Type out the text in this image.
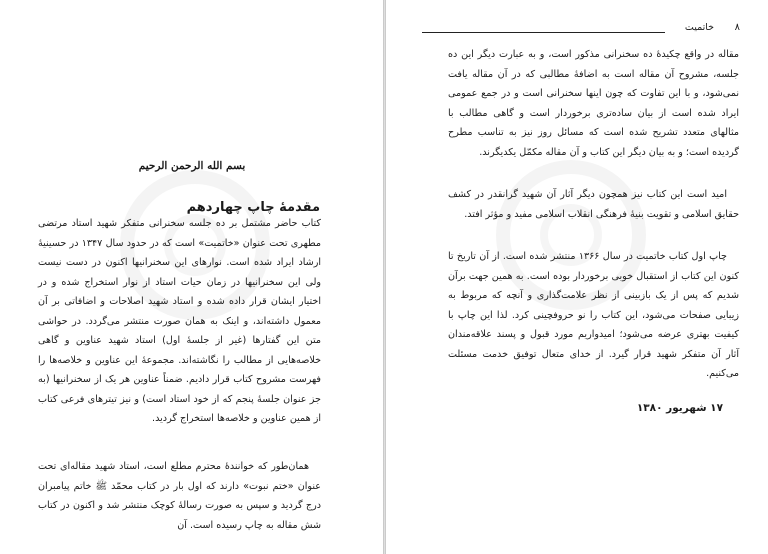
بسم الله الرحمن الرحيم
مقدمهٔ چاپ چهاردهم

کتاب حاضر مشتمل بر ده جلسه سخنرانی متفکر شهید استاد مرتضی مطهری تحت عنوان «خاتمیت» است که در حدود سال ۱۳۴۷ در حسینیهٔ ارشاد ایراد شده است. نوارهای این سخنرانیها اکنون در دست نیست ولی این سخنرانیها در زمان حیات استاد از نوار استخراج شده و در اختیار ایشان قرار داده شده و استاد شهید اصلاحات و اضافاتی بر آن معمول داشته‌اند، و اینک به همان صورت منتشر می‌گردد. در حواشی متن این گفتارها (غیر از جلسهٔ اول) استاد شهید عناوین و گاهی خلاصه‌هایی از مطالب را نگاشته‌اند. مجموعهٔ این عناوین و خلاصه‌ها را فهرست مشروح کتاب قرار دادیم. ضمناً عناوین هر یک از سخنرانیها (به جز عنوان جلسهٔ پنجم که از خود استاد است) و نیز تیترهای فرعی کتاب از همین عناوین و خلاصه‌ها استخراج گردید.

همان‌طور که خوانندهٔ محترم مطلع است، استاد شهید مقاله‌ای تحت عنوان «ختم نبوت» دارند که اول بار در کتاب محمّد ﷺ خاتم پیامبران درج گردید و سپس به صورت رسالهٔ کوچک منتشر شد و اکنون در کتاب شش مقاله به چاپ رسیده است. آن

۸
خاتمیت

مقاله در واقع چکیدهٔ ده سخنرانی مذکور است، و به عبارت دیگر این ده جلسه، مشروح آن مقاله است به اضافهٔ مطالبی که در آن مقاله یافت نمی‌شود، و با این تفاوت که چون اینها سخنرانی است و در جمع عمومی ایراد شده است از بیان ساده‌تری برخوردار است و گاهی مطالب با مثالهای متعدد تشریح شده است که مسائل روز نیز به تناسب مطرح گردیده است؛ و به بیان دیگر این کتاب و آن مقاله مکمّل یکدیگرند.

امید است این کتاب نیز همچون دیگر آثار آن شهید گرانقدر در کشف حقایق اسلامی و تقویت بنیهٔ فرهنگی انقلاب اسلامی مفید و مؤثر افتد.

چاپ اول کتاب خاتمیت در سال ۱۳۶۶ منتشر شده است. از آن تاریخ تا کنون این کتاب از استقبال خوبی برخوردار بوده است. به همین جهت برآن شدیم که پس از یک بازبینی از نظر علامت‌گذاری و آنچه که مربوط به زیبایی صفحات می‌شود، این کتاب را نو حروفچینی کرد. لذا این چاپ با کیفیت بهتری عرضه می‌شود؛ امیدواریم مورد قبول و پسند علاقه‌مندان آثار آن متفکر شهید قرار گیرد. از خدای متعال توفیق خدمت مسئلت می‌کنیم.

۱۷ شهریور ۱۳۸۰
